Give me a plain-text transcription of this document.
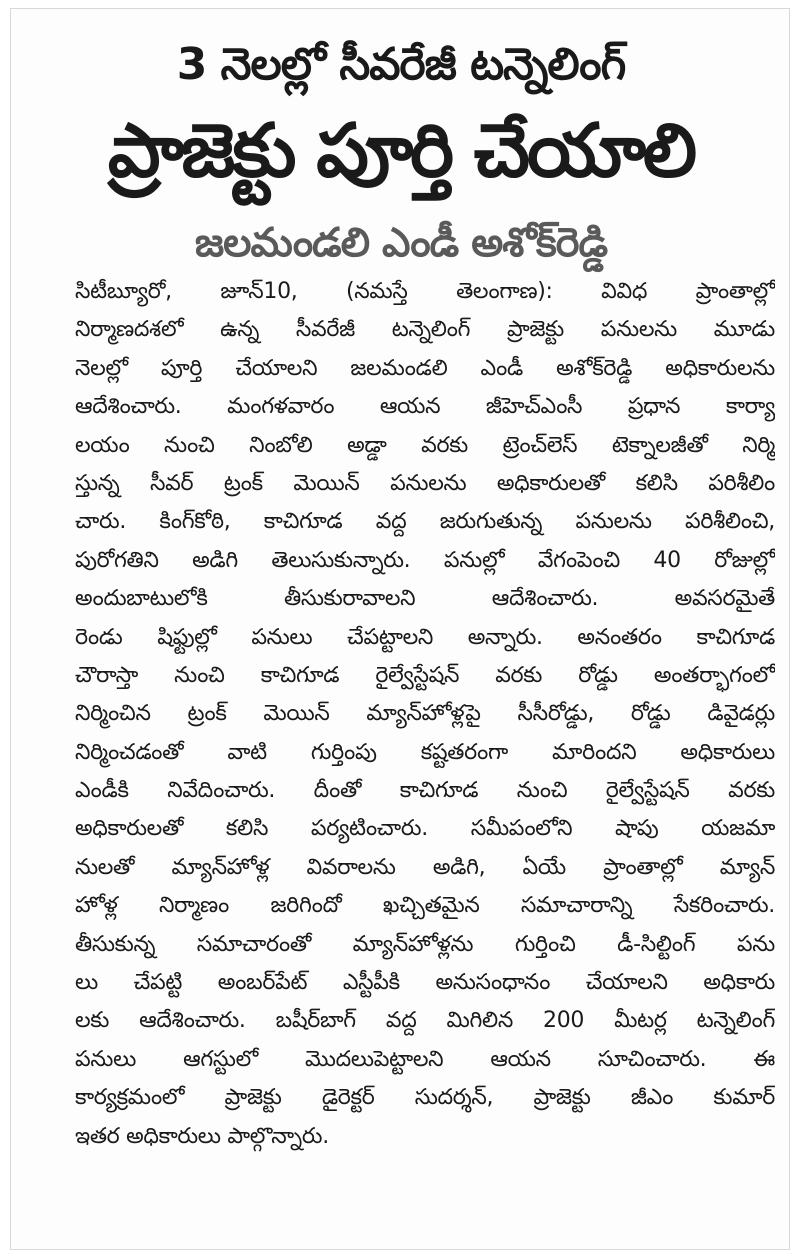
3 నెలల్లో సీవరేజీ టన్నెలింగ్
ప్రాజెక్టు పూర్తి చేయాలి
జలమండలి ఎండీ అశోక్‌రెడ్డి
సిటీబ్యూరో, జూన్10, (నమస్తే తెలంగాణ): వివిధ ప్రాంతాల్లో
నిర్మాణదశలో ఉన్న సీవరేజీ టన్నెలింగ్ ప్రాజెక్టు పనులను మూడు
నెలల్లో పూర్తి చేయాలని జలమండలి ఎండీ అశోక్‌రెడ్డి అధికారులను
ఆదేశించారు. మంగళవారం ఆయన జీహెచ్ఎంసీ ప్రధాన కార్యా
లయం నుంచి నింబోలి అడ్డా వరకు ట్రెంచ్‌లెస్ టెక్నాలజీతో నిర్మి
స్తున్న సీవర్ ట్రంక్ మెయిన్ పనులను అధికారులతో కలిసి పరిశీలిం
చారు. కింగ్‌కోఠి, కాచిగూడ వద్ద జరుగుతున్న పనులను పరిశీలించి,
పురోగతిని అడిగి తెలుసుకున్నారు. పనుల్లో వేగంపెంచి 40 రోజుల్లో
అందుబాటులోకి తీసుకురావాలని ఆదేశించారు. అవసరమైతే
రెండు షిఫ్టుల్లో పనులు చేపట్టాలని అన్నారు. అనంతరం కాచిగూడ
చౌరాస్తా నుంచి కాచిగూడ రైల్వేస్టేషన్ వరకు రోడ్డు అంతర్భాగంలో
నిర్మించిన ట్రంక్ మెయిన్ మ్యాన్‌హోళ్లపై సీసీరోడ్డు, రోడ్డు డివైడర్లు
నిర్మించడంతో వాటి గుర్తింపు కష్టతరంగా మారిందని అధికారులు
ఎండీకి నివేదించారు. దీంతో కాచిగూడ నుంచి రైల్వేస్టేషన్ వరకు
అధికారులతో కలిసి పర్యటించారు. సమీపంలోని షాపు యజమా
నులతో మ్యాన్‌హోళ్ల వివరాలను అడిగి, ఏయే ప్రాంతాల్లో మ్యాన్
హోళ్ల నిర్మాణం జరిగిందో ఖచ్చితమైన సమాచారాన్ని సేకరించారు.
తీసుకున్న సమాచారంతో మ్యాన్‌హోళ్లను గుర్తించి డీ-సిల్టింగ్ పను
లు చేపట్టి అంబర్‌పేట్ ఎస్టీపీకి అనుసంధానం చేయాలని అధికారు
లకు ఆదేశించారు. బషీర్‌బాగ్ వద్ద మిగిలిన 200 మీటర్ల టన్నెలింగ్
పనులు ఆగస్టులో మొదలుపెట్టాలని ఆయన సూచించారు. ఈ
కార్యక్రమంలో ప్రాజెక్టు డైరెక్టర్ సుదర్శన్, ప్రాజెక్టు జీఎం కుమార్
ఇతర అధికారులు పాల్గొన్నారు.
